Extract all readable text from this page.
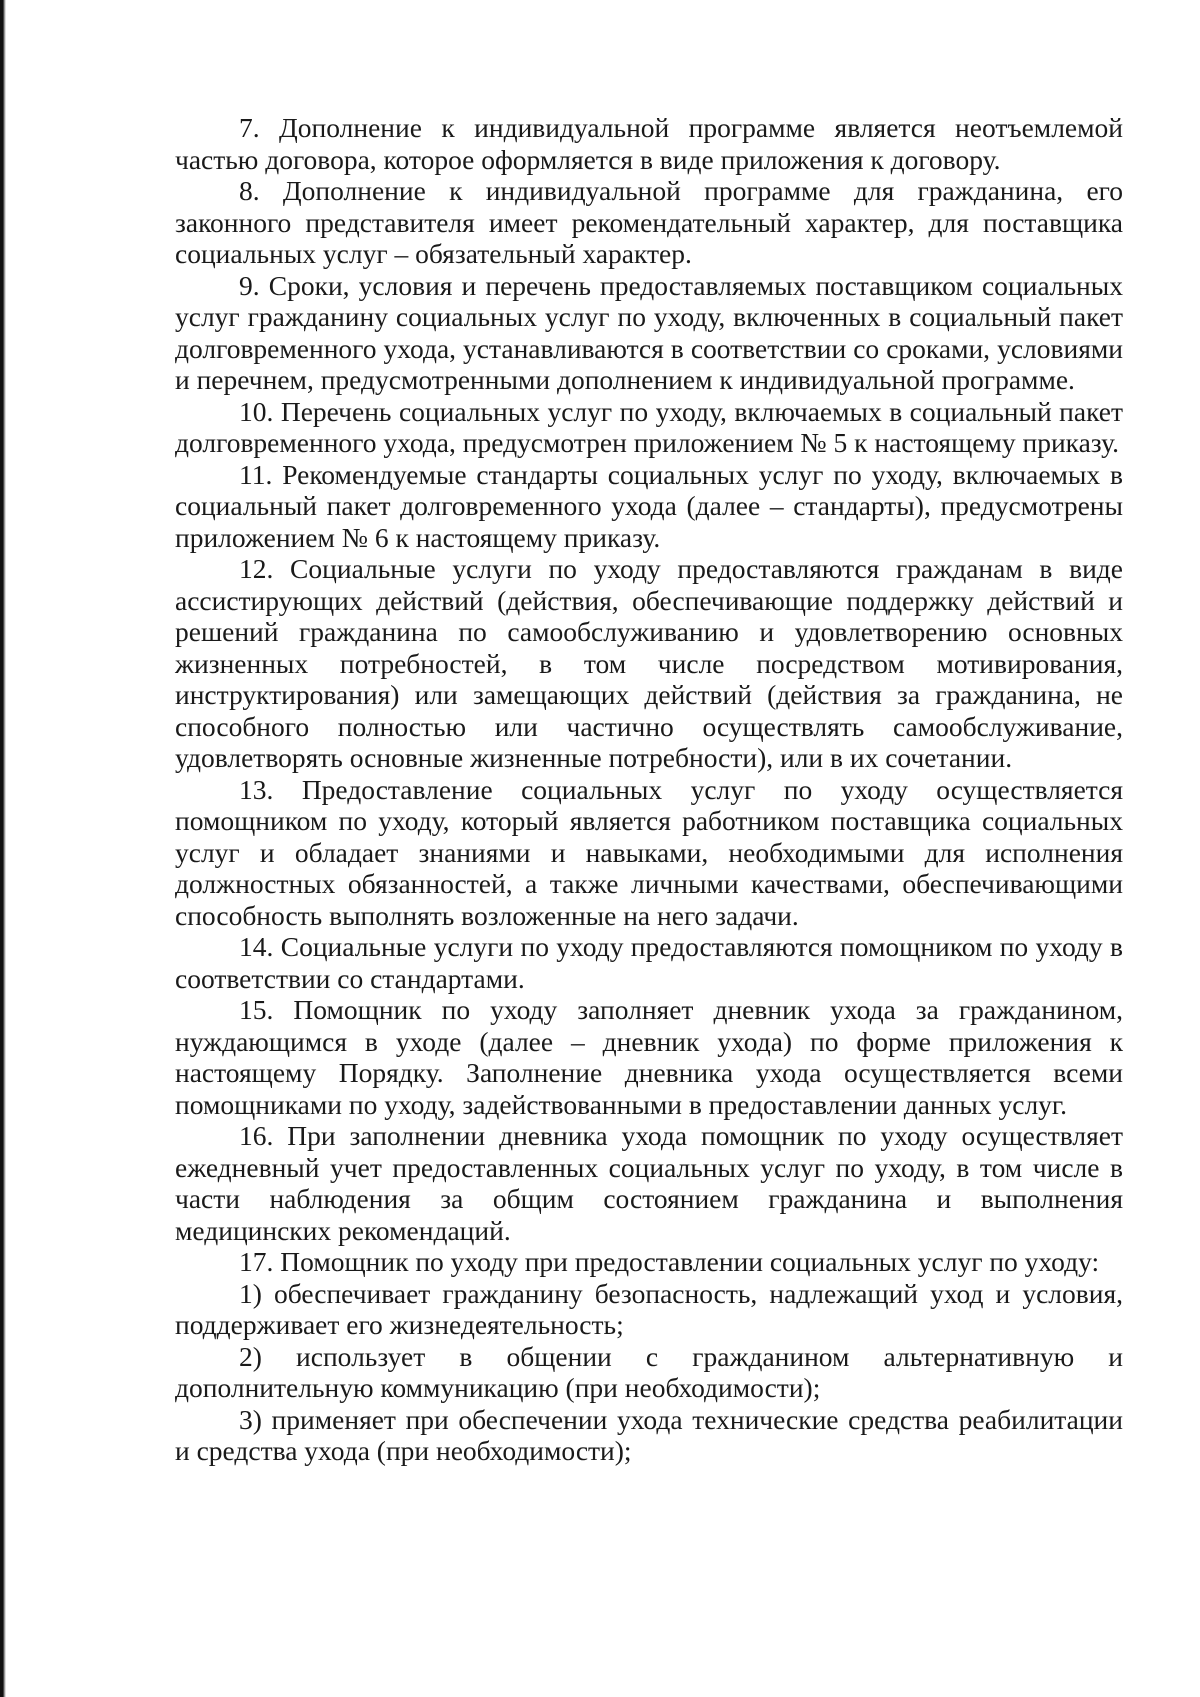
7. Дополнение к индивидуальной программе является неотъемлемой частью договора, которое оформляется в виде приложения к договору.

8. Дополнение к индивидуальной программе для гражданина, его законного представителя имеет рекомендательный характер, для поставщика социальных услуг – обязательный характер.

9. Сроки, условия и перечень предоставляемых поставщиком социальных услуг гражданину социальных услуг по уходу, включенных в социальный пакет долговременного ухода, устанавливаются в соответствии со сроками, условиями и перечнем, предусмотренными дополнением к индивидуальной программе.

10. Перечень социальных услуг по уходу, включаемых в социальный пакет долговременного ухода, предусмотрен приложением № 5 к настоящему приказу.

11. Рекомендуемые стандарты социальных услуг по уходу, включаемых в социальный пакет долговременного ухода (далее – стандарты), предусмотрены приложением № 6 к настоящему приказу.

12. Социальные услуги по уходу предоставляются гражданам в виде ассистирующих действий (действия, обеспечивающие поддержку действий и решений гражданина по самообслуживанию и удовлетворению основных жизненных потребностей, в том числе посредством мотивирования, инструктирования) или замещающих действий (действия за гражданина, не способного полностью или частично осуществлять самообслуживание, удовлетворять основные жизненные потребности), или в их сочетании.

13. Предоставление социальных услуг по уходу осуществляется помощником по уходу, который является работником поставщика социальных услуг и обладает знаниями и навыками, необходимыми для исполнения должностных обязанностей, а также личными качествами, обеспечивающими способность выполнять возложенные на него задачи.

14. Социальные услуги по уходу предоставляются помощником по уходу в соответствии со стандартами.

15. Помощник по уходу заполняет дневник ухода за гражданином, нуждающимся в уходе (далее – дневник ухода) по форме приложения к настоящему Порядку. Заполнение дневника ухода осуществляется всеми помощниками по уходу, задействованными в предоставлении данных услуг.

16. При заполнении дневника ухода помощник по уходу осуществляет ежедневный учет предоставленных социальных услуг по уходу, в том числе в части наблюдения за общим состоянием гражданина и выполнения медицинских рекомендаций.

17. Помощник по уходу при предоставлении социальных услуг по уходу:

1) обеспечивает гражданину безопасность, надлежащий уход и условия, поддерживает его жизнедеятельность;

2) использует в общении с гражданином альтернативную и дополнительную коммуникацию (при необходимости);

3) применяет при обеспечении ухода технические средства реабилитации и средства ухода (при необходимости);
